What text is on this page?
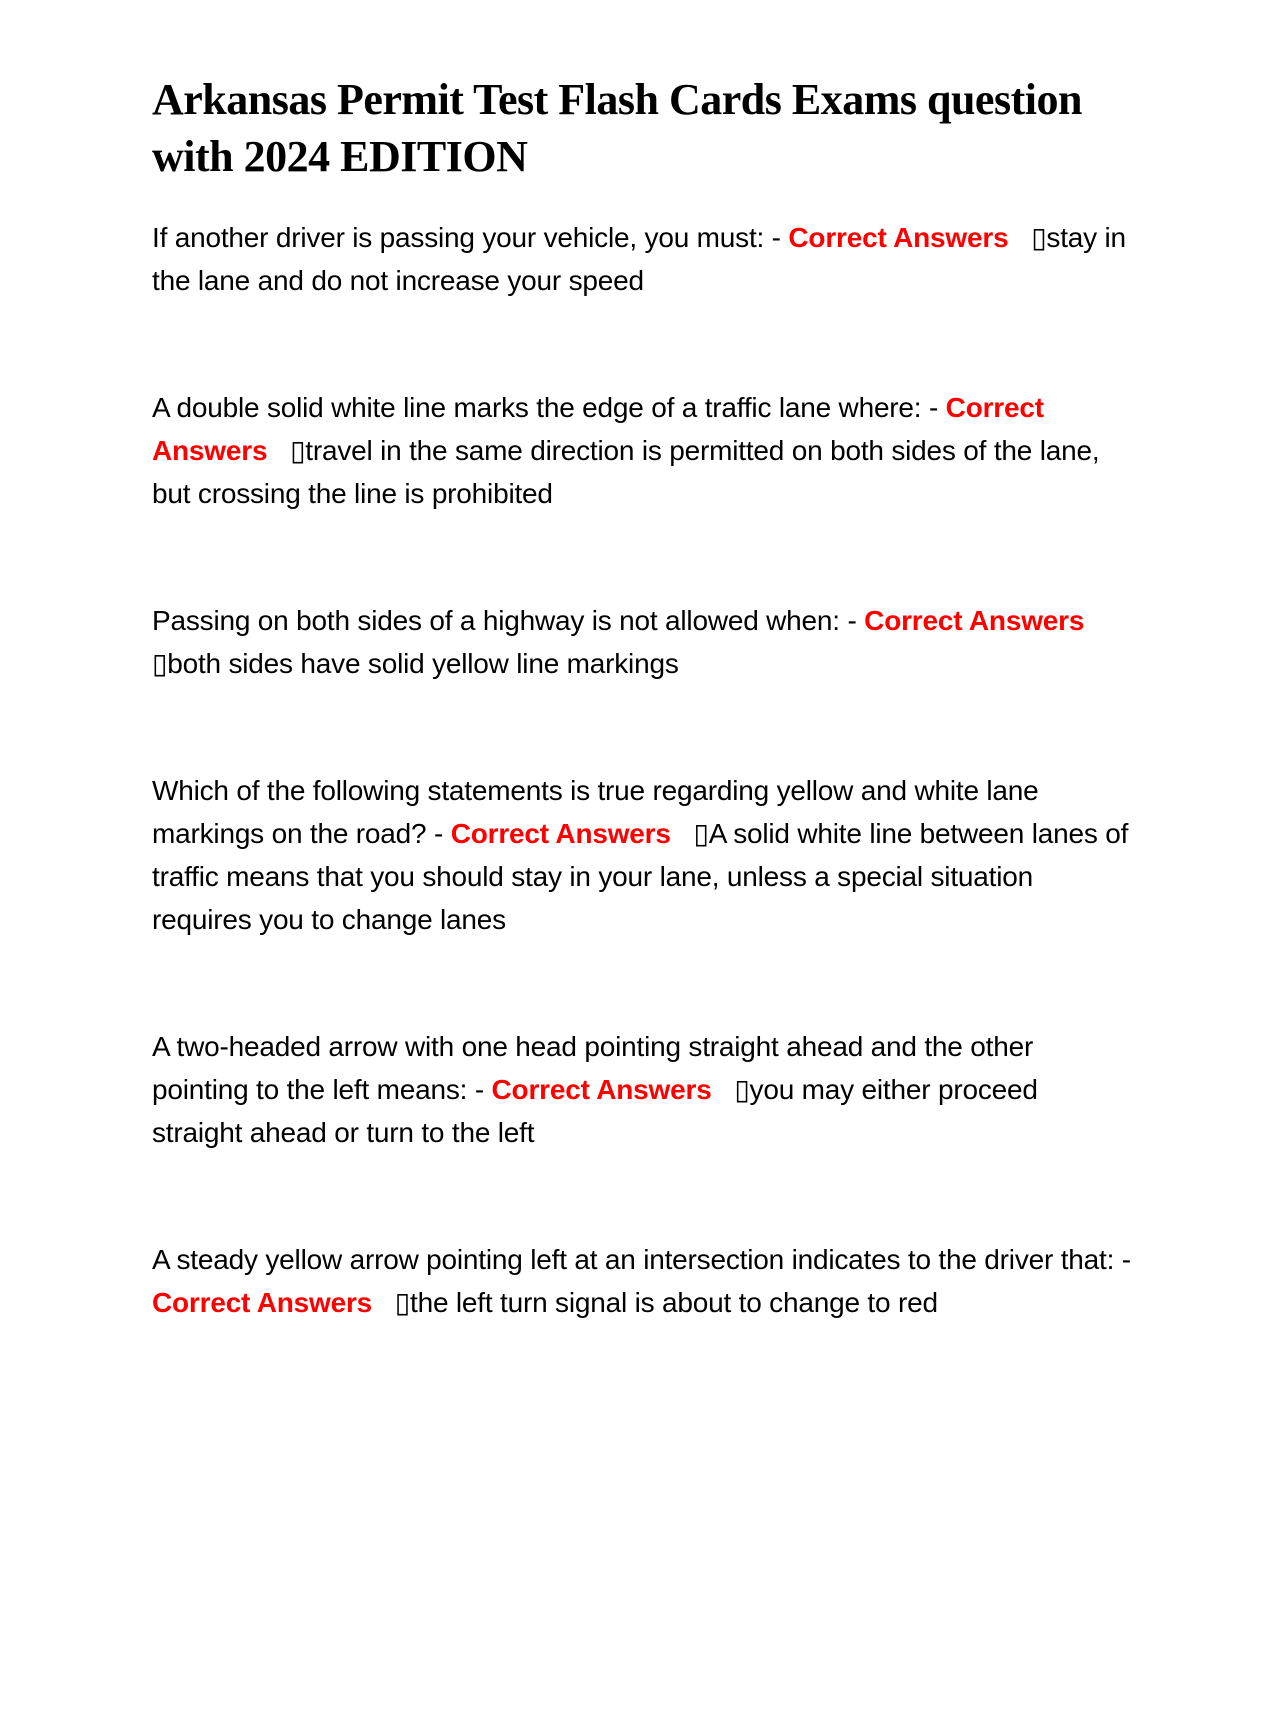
Arkansas Permit Test Flash Cards Exams question with 2024 EDITION

If another driver is passing your vehicle, you must: - Correct Answers   ▯stay in the lane and do not increase your speed

A double solid white line marks the edge of a traffic lane where: - Correct Answers   ▯travel in the same direction is permitted on both sides of the lane, but crossing the line is prohibited

Passing on both sides of a highway is not allowed when: - Correct Answers   ▯both sides have solid yellow line markings

Which of the following statements is true regarding yellow and white lane markings on the road? - Correct Answers   ▯A solid white line between lanes of traffic means that you should stay in your lane, unless a special situation requires you to change lanes

A two-headed arrow with one head pointing straight ahead and the other pointing to the left means: - Correct Answers   ▯you may either proceed straight ahead or turn to the left

A steady yellow arrow pointing left at an intersection indicates to the driver that: - Correct Answers   ▯the left turn signal is about to change to red
